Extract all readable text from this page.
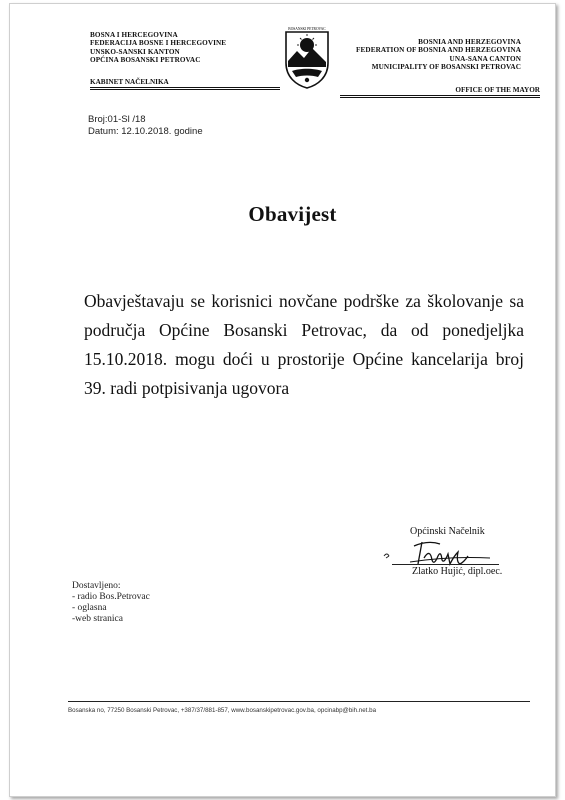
BOSNA I HERCEGOVINA
FEDERACIJA BOSNE I HERCEGOVINE
UNSKO-SANSKI KANTON
OPĆINA BOSANSKI PETROVAC
BOSANSKI PETROVAC
BOSNIA AND HERZEGOVINA
FEDERATION OF BOSNIA AND HERZEGOVINA
UNA-SANA CANTON
MUNICIPALITY OF BOSANSKI PETROVAC
KABINET NAČELNIKA
OFFICE OF THE MAYOR
Broj:01-Sl /18
Datum: 12.10.2018. godine
Obavijest

Obavještavaju se korisnici novčane podrške za školovanje sa područja Općine Bosanski Petrovac, da od ponedjeljka 15.10.2018. mogu doći u prostorije Općine kancelarija broj 39. radi potpisivanja ugovora

Općinski Načelnik
Zlatko Hujić, dipl.oec.
Dostavljeno:
- radio Bos.Petrovac
- oglasna
-web stranica
Bosanska no, 77250 Bosanski Petrovac, +387/37/881-857, www.bosanskipetrovac.gov.ba, opcinabp@bih.net.ba
